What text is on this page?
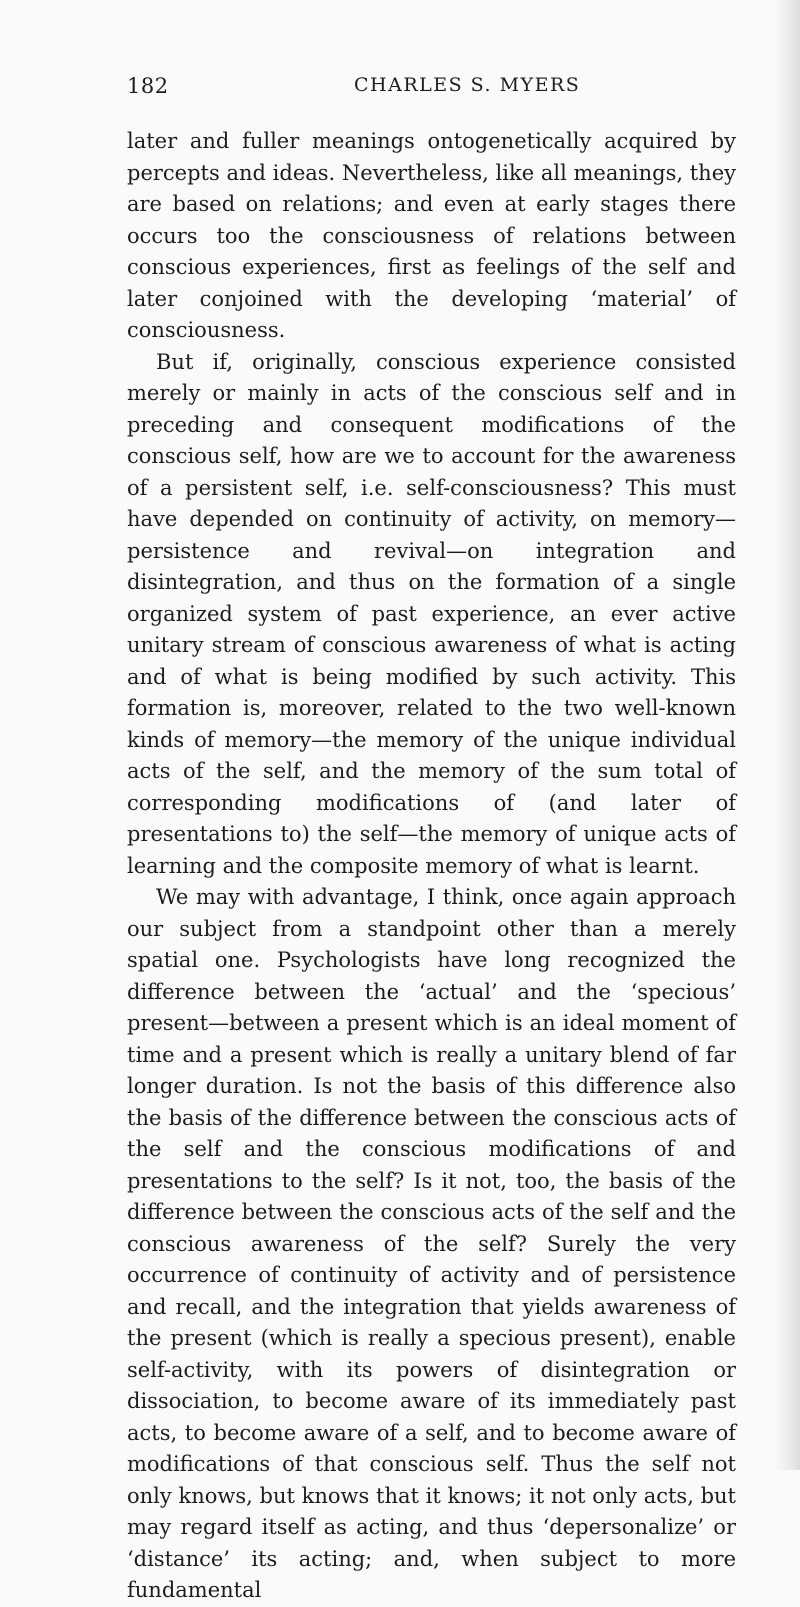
182	CHARLES S. MYERS

later and fuller meanings ontogenetically acquired by percepts and ideas. Nevertheless, like all meanings, they are based on relations; and even at early stages there occurs too the consciousness of relations between conscious experiences, first as feelings of the self and later conjoined with the developing ‘material’ of consciousness.

But if, originally, conscious experience consisted merely or mainly in acts of the conscious self and in preceding and consequent modifications of the conscious self, how are we to account for the awareness of a persistent self, i.e. self-consciousness? This must have depended on continuity of activity, on memory—persistence and revival—on integration and disintegration, and thus on the formation of a single organized system of past experience, an ever active unitary stream of conscious awareness of what is acting and of what is being modified by such activity. This formation is, moreover, related to the two well-known kinds of memory—the memory of the unique individual acts of the self, and the memory of the sum total of corresponding modifications of (and later of presentations to) the self—the memory of unique acts of learning and the composite memory of what is learnt.

We may with advantage, I think, once again approach our subject from a standpoint other than a merely spatial one. Psychologists have long recognized the difference between the ‘actual’ and the ‘specious’ present—between a present which is an ideal moment of time and a present which is really a unitary blend of far longer duration. Is not the basis of this difference also the basis of the difference between the conscious acts of the self and the conscious modifications of and presentations to the self? Is it not, too, the basis of the difference between the conscious acts of the self and the conscious awareness of the self? Surely the very occurrence of continuity of activity and of persistence and recall, and the integration that yields awareness of the present (which is really a specious present), enable self-activity, with its powers of disintegration or dissociation, to become aware of its immediately past acts, to become aware of a self, and to become aware of modifications of that conscious self. Thus the self not only knows, but knows that it knows; it not only acts, but may regard itself as acting, and thus ‘depersonalize’ or ‘distance’ its acting; and, when subject to more fundamental
